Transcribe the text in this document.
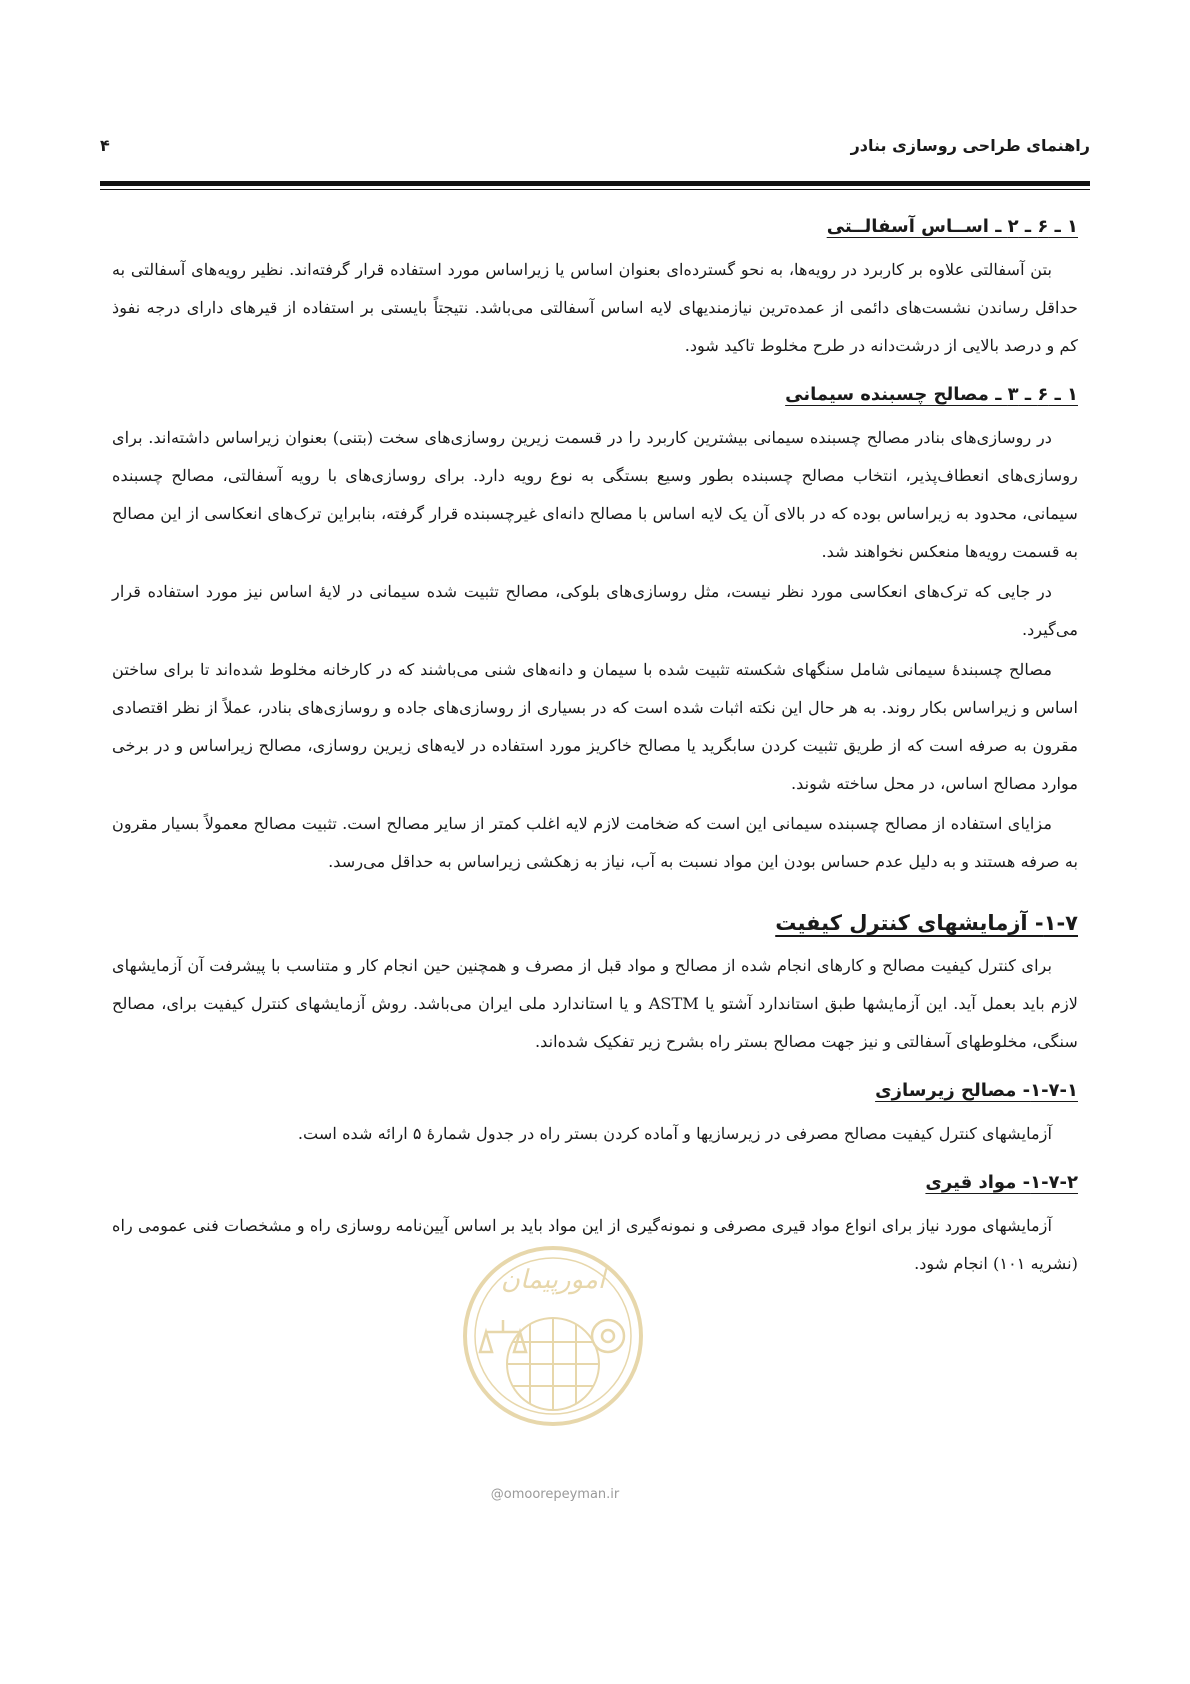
راهنمای طراحی روسازی بنادر
۴
۱ ـ ۶ ـ ۲ ـ اســاس آسفالــتی

بتن آسفالتی علاوه بر کاربرد در رویه‌ها، به نحو گسترده‌ای بعنوان اساس یا زیراساس مورد استفاده قرار گرفته‌اند. نظیر رویه‌های آسفالتی به حداقل رساندن نشست‌های دائمی از عمده‌ترین نیازمندیهای لایه اساس آسفالتی می‌باشد. نتیجتاً بایستی بر استفاده از قیرهای دارای درجه نفوذ کم و درصد بالایی از درشت‌دانه در طرح مخلوط تاکید شود.

۱ ـ ۶ ـ ۳ ـ مصالح چسبنده سیمانی

در روسازی‌های بنادر مصالح چسبنده سیمانی بیشترین کاربرد را در قسمت زیرین روسازی‌های سخت (بتنی) بعنوان زیراساس داشته‌اند. برای روسازی‌های انعطاف‌پذیر، انتخاب مصالح چسبنده بطور وسیع بستگی به نوع رویه دارد. برای روسازی‌های با رویه آسفالتی، مصالح چسبنده سیمانی، محدود به زیراساس بوده که در بالای آن یک لایه اساس با مصالح دانه‌ای غیرچسبنده قرار گرفته، بنابراین ترک‌های انعکاسی از این مصالح به قسمت رویه‌ها منعکس نخواهند شد.

در جایی که ترک‌های انعکاسی مورد نظر نیست، مثل روسازی‌های بلوکی، مصالح تثبیت شده سیمانی در لایۀ اساس نیز مورد استفاده قرار می‌گیرد.

مصالح چسبندۀ سیمانی شامل سنگهای شکسته تثبیت شده با سیمان و دانه‌های شنی می‌باشند که در کارخانه مخلوط شده‌اند تا برای ساختن اساس و زیراساس بکار روند. به هر حال این نکته اثبات شده است که در بسیاری از روسازی‌های جاده و روسازی‌های بنادر، عملاً از نظر اقتصادی مقرون به صرفه است که از طریق تثبیت کردن سابگرید یا مصالح خاکریز مورد استفاده در لایه‌های زیرین روسازی، مصالح زیراساس و در برخی موارد مصالح اساس، در محل ساخته شوند.

مزایای استفاده از مصالح چسبنده سیمانی این است که ضخامت لازم لایه اغلب کمتر از سایر مصالح است. تثبیت مصالح معمولاً بسیار مقرون به صرفه هستند و به دلیل عدم حساس بودن این مواد نسبت به آب، نیاز به زهکشی زیراساس به حداقل می‌رسد.

۱-۷- آزمایشهای کنترل کیفیت

برای کنترل کیفیت مصالح و کارهای انجام شده از مصالح و مواد قبل از مصرف و همچنین حین انجام کار و متناسب با پیشرفت آن آزمایشهای لازم باید بعمل آید. این آزمایشها طبق استاندارد آشتو یا ASTM و یا استاندارد ملی ایران می‌باشد. روش آزمایشهای کنترل کیفیت برای، مصالح سنگی، مخلوطهای آسفالتی و نیز جهت مصالح بستر راه بشرح زیر تفکیک شده‌اند.

۱-۷-۱- مصالح زیرسازی

آزمایشهای کنترل کیفیت مصالح مصرفی در زیرسازیها و آماده کردن بستر راه در جدول شمارۀ ۵ ارائه شده است.

۱-۷-۲- مواد قیری

آزمایشهای مورد نیاز برای انواع مواد قیری مصرفی و نمونه‌گیری از این مواد باید بر اساس آیین‌نامه روسازی راه و مشخصات فنی عمومی راه (نشریه ۱۰۱) انجام شود.

امورپیمان
@omoorepeyman.ir
